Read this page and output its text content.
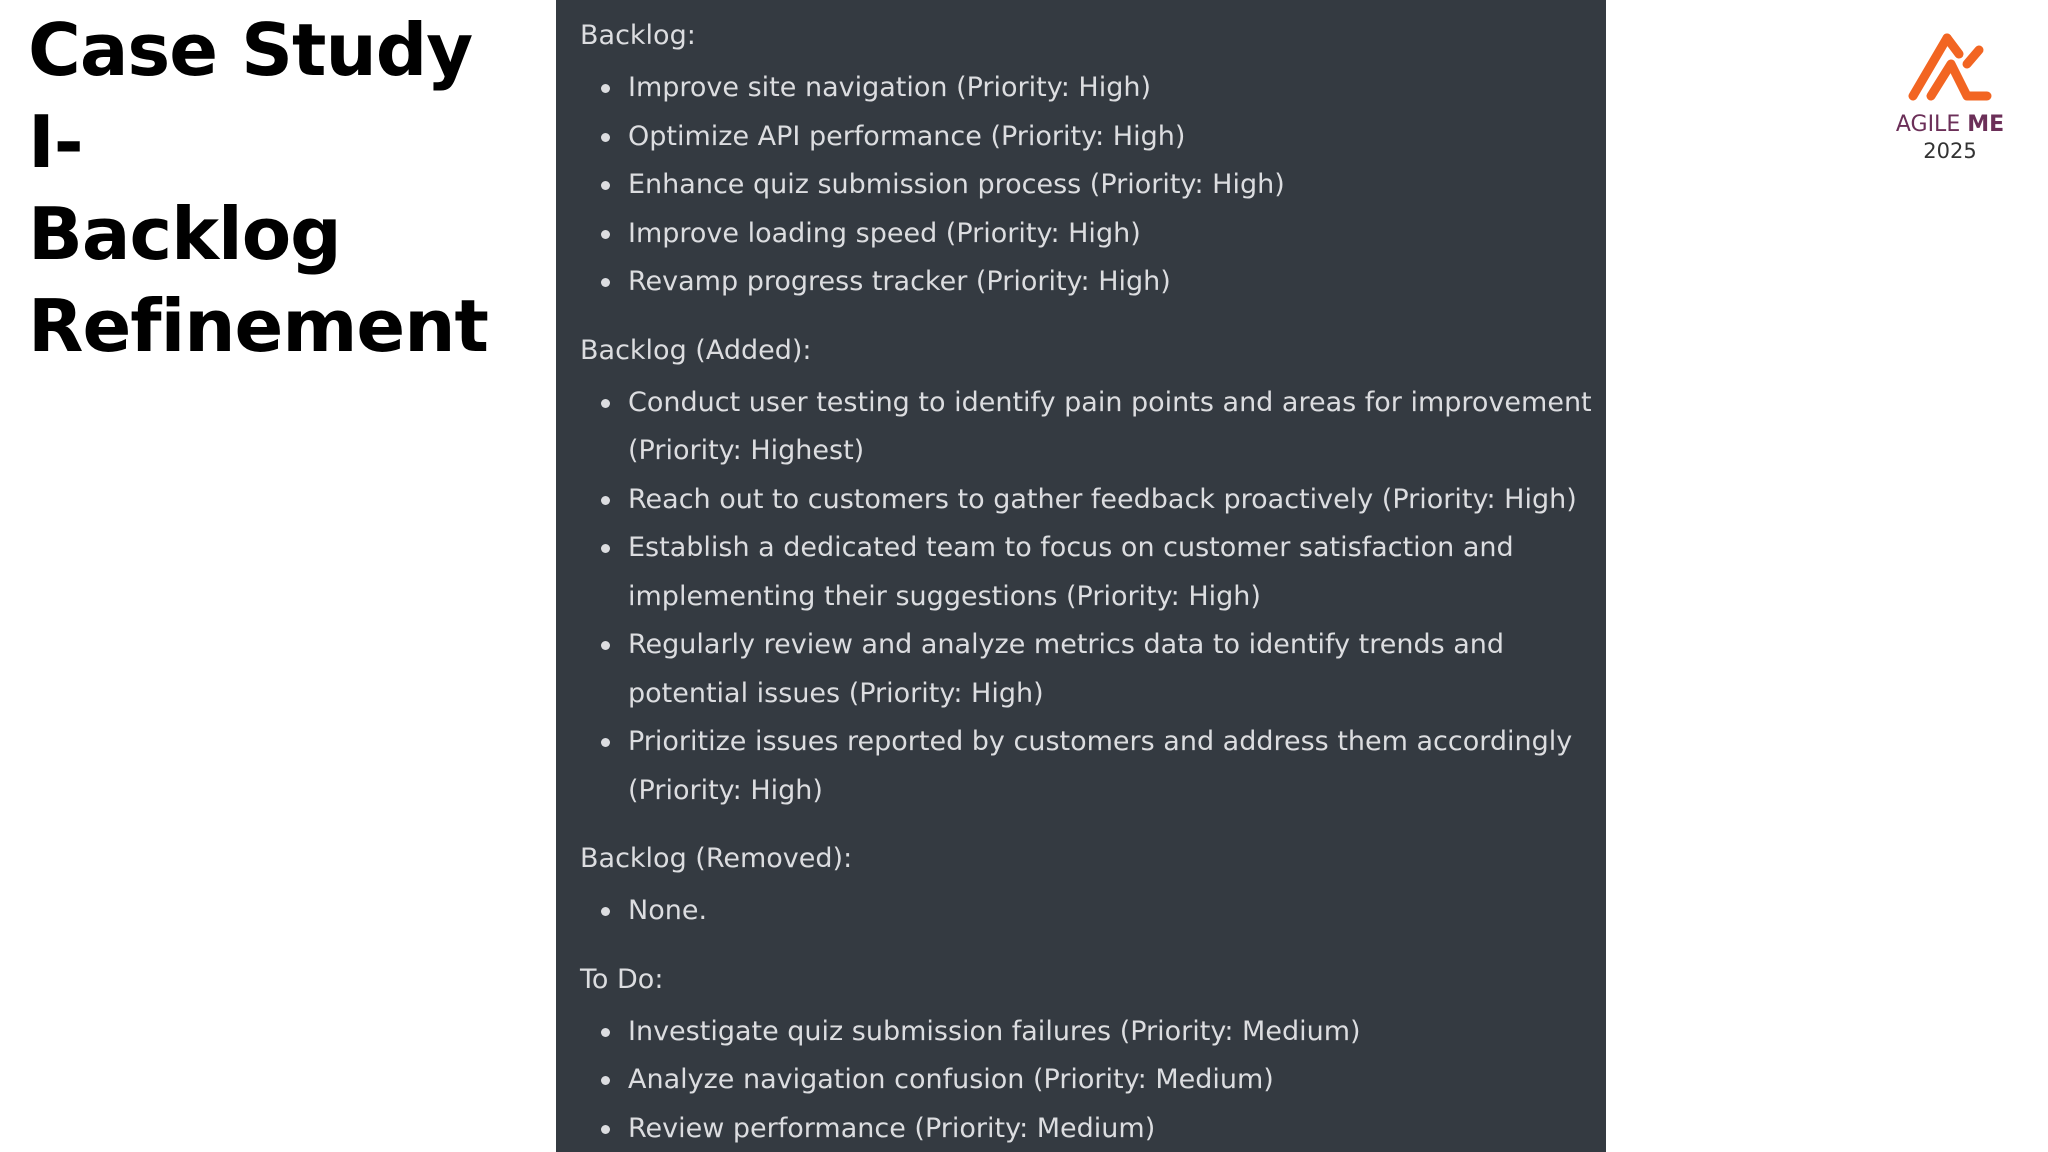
Case Study I-
Backlog
Refinement
Backlog:
Improve site navigation (Priority: High)
Optimize API performance (Priority: High)
Enhance quiz submission process (Priority: High)
Improve loading speed (Priority: High)
Revamp progress tracker (Priority: High)
Backlog (Added):
Conduct user testing to identify pain points and areas for improvement (Priority: Highest)
Reach out to customers to gather feedback proactively (Priority: High)
Establish a dedicated team to focus on customer satisfaction and implementing their suggestions (Priority: High)
Regularly review and analyze metrics data to identify trends and potential issues (Priority: High)
Prioritize issues reported by customers and address them accordingly (Priority: High)
Backlog (Removed):
None.
To Do:
Investigate quiz submission failures (Priority: Medium)
Analyze navigation confusion (Priority: Medium)
Review performance (Priority: Medium)
AGILE ME
2025
